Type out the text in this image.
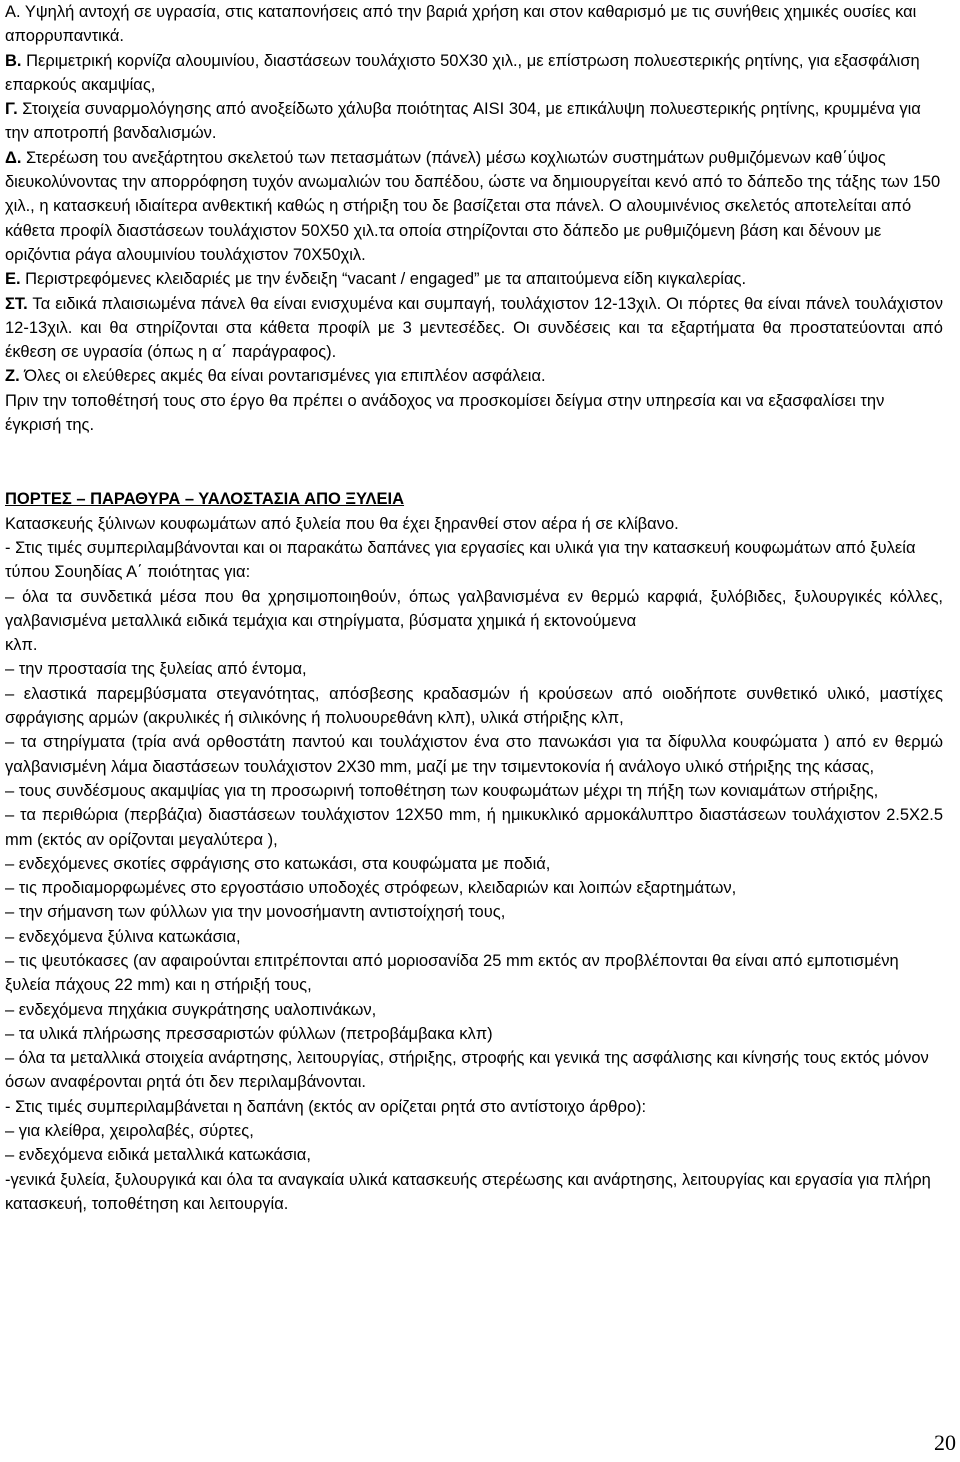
Α. Υψηλή αντοχή σε υγρασία, στις καταπονήσεις από την βαριά χρήση και στον καθαρισμό με τις συνήθεις χημικές ουσίες και απορρυπαντικά.

Β. Περιμετρική κορνίζα αλουμινίου, διαστάσεων τουλάχιστο 50Χ30 χιλ., με επίστρωση πολυεστερικής ρητίνης, για εξασφάλιση επαρκούς ακαμψίας,

Γ. Στοιχεία συναρμολόγησης από ανοξείδωτο χάλυβα ποιότητας AISI 304, με επικάλυψη πολυεστερικής ρητίνης, κρυμμένα για την αποτροπή βανδαλισμών.

Δ. Στερέωση του ανεξάρτητου σκελετού των πετασμάτων (πάνελ) μέσω κοχλιωτών συστημάτων ρυθμιζόμενων καθ΄ύψος διευκολύνοντας την απορρόφηση τυχόν ανωμαλιών του δαπέδου, ώστε να δημιουργείται κενό από το δάπεδο της τάξης των 150 χιλ., η κατασκευή ιδιαίτερα ανθεκτική καθώς η στήριξη του δε βασίζεται στα πάνελ. Ο αλουμινένιος σκελετός αποτελείται από κάθετα προφίλ διαστάσεων τουλάχιστον 50Χ50 χιλ.τα οποία στηρίζονται στο δάπεδο με ρυθμιζόμενη βάση και δένουν με οριζόντια ράγα αλουμινίου τουλάχιστον 70Χ50χιλ.

Ε. Περιστρεφόμενες κλειδαριές με την ένδειξη “vacant / engaged” με τα απαιτούμενα είδη κιγκαλερίας.

ΣΤ. Τα ειδικά πλαισιωμένα πάνελ θα είναι ενισχυμένα και συμπαγή, τουλάχιστον 12-13χιλ. Οι πόρτες θα είναι πάνελ τουλάχιστον 12-13χιλ. και θα στηρίζονται στα κάθετα προφίλ με 3 μεντεσέδες. Οι συνδέσεις και τα εξαρτήματα θα προστατεύονται από έκθεση σε υγρασία (όπως η α΄ παράγραφος).

Ζ. Όλες οι ελεύθερες ακμές θα είναι ροντarισμένες για επιπλέον ασφάλεια.

Πριν την τοποθέτησή τους στο έργο θα πρέπει ο ανάδοχος να προσκομίσει δείγμα στην υπηρεσία και να εξασφαλίσει την έγκρισή της.

ΠΟΡΤΕΣ – ΠΑΡΑΘΥΡΑ – ΥΑΛΟΣΤΑΣΙΑ ΑΠΟ ΞΥΛΕΙΑ

Κατασκευής ξύλινων κουφωμάτων από ξυλεία που θα έχει ξηρανθεί στον αέρα ή σε κλίβανο.

- Στις τιμές συμπεριλαμβάνονται και οι παρακάτω δαπάνες για εργασίες και υλικά για την κατασκευή κουφωμάτων από ξυλεία τύπου Σουηδίας Α΄ ποιότητας για:

– όλα τα συνδετικά μέσα που θα χρησιμοποιηθούν, όπως γαλβανισμένα εν θερμώ καρφιά, ξυλόβιδες, ξυλουργικές κόλλες, γαλβανισμένα μεταλλικά ειδικά τεμάχια και στηρίγματα, βύσματα χημικά ή εκτονούμενα

κλπ.

– την προστασία της ξυλείας από έντομα,

– ελαστικά παρεμβύσματα στεγανότητας, απόσβεσης κραδασμών ή κρούσεων από οιοδήποτε συνθετικό υλικό, μαστίχες σφράγισης αρμών (ακρυλικές ή σιλικόνης ή πολυουρεθάνη κλπ), υλικά στήριξης κλπ,

– τα στηρίγματα (τρία ανά ορθοστάτη παντού και τουλάχιστον ένα στο πανωκάσι για τα δίφυλλα κουφώματα ) από εν θερμώ γαλβανισμένη λάμα διαστάσεων τουλάχιστον 2Χ30 mm, μαζί με την τσιμεντοκονία ή ανάλογο υλικό στήριξης της κάσας,

– τους συνδέσμους ακαμψίας για τη προσωρινή τοποθέτηση των κουφωμάτων μέχρι τη πήξη των κονιαμάτων στήριξης,

– τα περιθώρια (περβάζια) διαστάσεων τουλάχιστον 12Χ50 mm, ή ημικυκλικό αρμοκάλυπτρο διαστάσεων τουλάχιστον 2.5Χ2.5 mm (εκτός αν ορίζονται μεγαλύτερα ),

– ενδεχόμενες σκοτίες σφράγισης στο κατωκάσι, στα κουφώματα με ποδιά,

– τις προδιαμορφωμένες στο εργοστάσιο υποδοχές στρόφεων, κλειδαριών και λοιπών εξαρτημάτων,

– την σήμανση των φύλλων για την μονοσήμαντη αντιστοίχησή τους,

– ενδεχόμενα ξύλινα κατωκάσια,

– τις ψευτόκασες (αν αφαιρούνται επιτρέπονται από μοριοσανίδα 25 mm εκτός αν προβλέπονται θα είναι από εμποτισμένη ξυλεία πάχους 22 mm) και η στήριξή τους,

– ενδεχόμενα πηχάκια συγκράτησης υαλοπινάκων,

– τα υλικά πλήρωσης πρεσσαριστών φύλλων (πετροβάμβακα κλπ)

– όλα τα μεταλλικά στοιχεία ανάρτησης, λειτουργίας, στήριξης, στροφής και γενικά της ασφάλισης και κίνησής τους εκτός μόνον όσων αναφέρονται ρητά ότι δεν περιλαμβάνονται.

- Στις τιμές συμπεριλαμβάνεται η δαπάνη (εκτός αν ορίζεται ρητά στο αντίστοιχο άρθρο):

– για κλείθρα, χειρολαβές, σύρτες,

– ενδεχόμενα ειδικά μεταλλικά κατωκάσια,

-γενικά ξυλεία, ξυλουργικά και όλα τα αναγκαία υλικά κατασκευής στερέωσης και ανάρτησης, λειτουργίας και εργασία για πλήρη κατασκευή, τοποθέτηση και λειτουργία.

20
